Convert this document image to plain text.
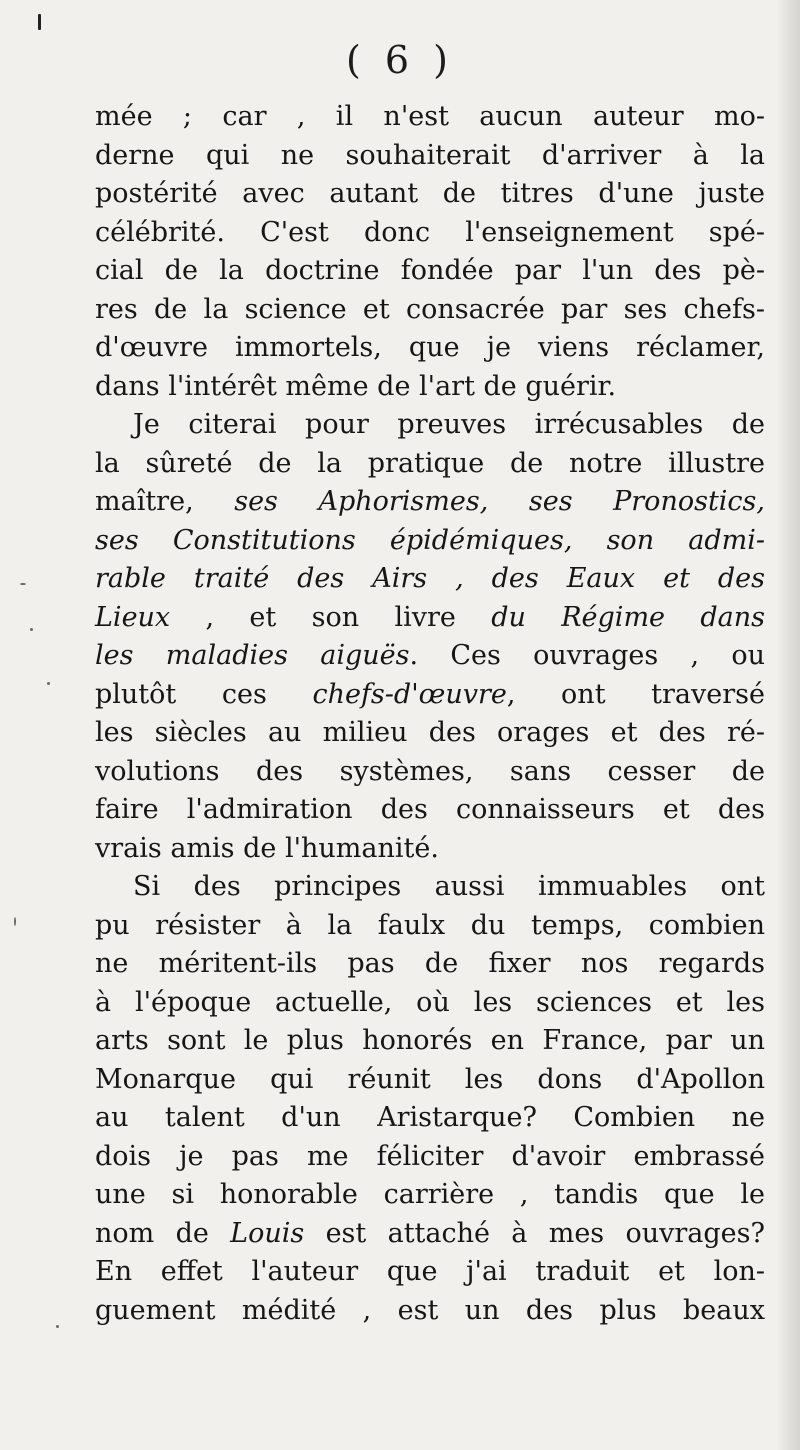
( 6 )
mée ; car , il n'est aucun auteur mo-
derne qui ne souhaiterait d'arriver à la
postérité avec autant de titres d'une juste
célébrité. C'est donc l'enseignement spé-
cial de la doctrine fondée par l'un des pè-
res de la science et consacrée par ses chefs-
d'œuvre immortels, que je viens réclamer,
dans l'intérêt même de l'art de guérir.
Je citerai pour preuves irrécusables de
la sûreté de la pratique de notre illustre
maître, ses Aphorismes, ses Pronostics,
ses Constitutions épidémiques, son admi-
rable traité des Airs , des Eaux et des
Lieux , et son livre du Régime dans
les maladies aiguës. Ces ouvrages , ou
plutôt ces chefs-d'œuvre, ont traversé
les siècles au milieu des orages et des ré-
volutions des systèmes, sans cesser de
faire l'admiration des connaisseurs et des
vrais amis de l'humanité.
Si des principes aussi immuables ont
pu résister à la faulx du temps, combien
ne méritent-ils pas de fixer nos regards
à l'époque actuelle, où les sciences et les
arts sont le plus honorés en France, par un
Monarque qui réunit les dons d'Apollon
au talent d'un Aristarque? Combien ne
dois je pas me féliciter d'avoir embrassé
une si honorable carrière , tandis que le
nom de Louis est attaché à mes ouvrages?
En effet l'auteur que j'ai traduit et lon-
guement médité , est un des plus beaux
